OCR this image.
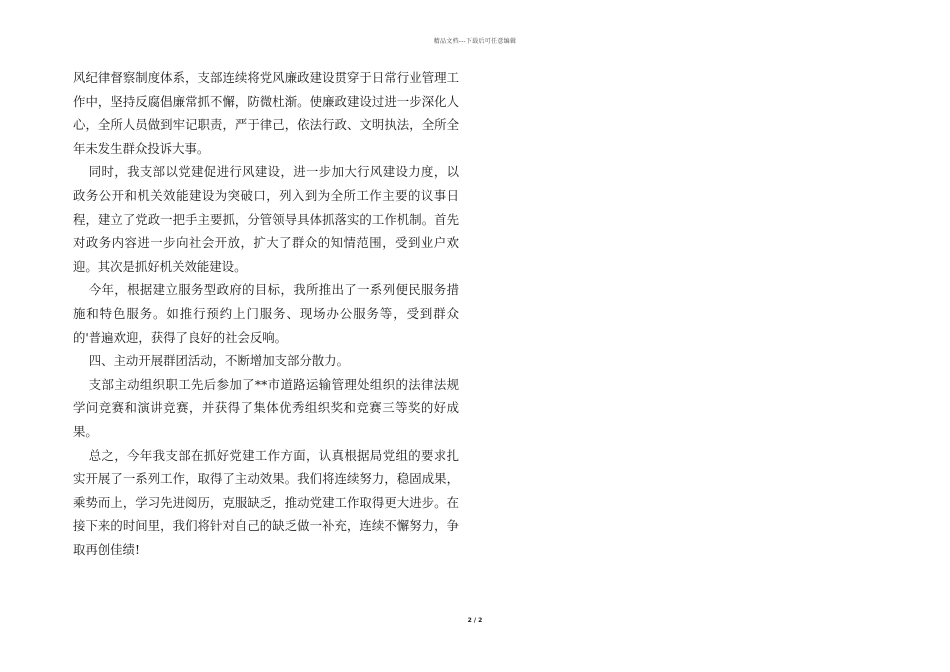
精品文档---下载后可任意编辑

风纪律督察制度体系，支部连续将党风廉政建设贯穿于日常行业管理工作中，坚持反腐倡廉常抓不懈，防微杜渐。使廉政建设过进一步深化人心，全所人员做到牢记职责，严于律己，依法行政、文明执法，全所全年未发生群众投诉大事。

同时，我支部以党建促进行风建设，进一步加大行风建设力度，以政务公开和机关效能建设为突破口，列入到为全所工作主要的议事日程，建立了党政一把手主要抓，分管领导具体抓落实的工作机制。首先对政务内容进一步向社会开放，扩大了群众的知情范围，受到业户欢迎。其次是抓好机关效能建设。

今年，根据建立服务型政府的目标，我所推出了一系列便民服务措施和特色服务。如推行预约上门服务、现场办公服务等，受到群众的'普遍欢迎，获得了良好的社会反响。

四、主动开展群团活动，不断增加支部分散力。

支部主动组织职工先后参加了**市道路运输管理处组织的法律法规学问竞赛和演讲竞赛，并获得了集体优秀组织奖和竞赛三等奖的好成果。

总之，今年我支部在抓好党建工作方面，认真根据局党组的要求扎实开展了一系列工作，取得了主动效果。我们将连续努力，稳固成果，乘势而上，学习先进阅历，克服缺乏，推动党建工作取得更大进步。在接下来的时间里，我们将针对自己的缺乏做一补充，连续不懈努力，争取再创佳绩!

2 / 2
